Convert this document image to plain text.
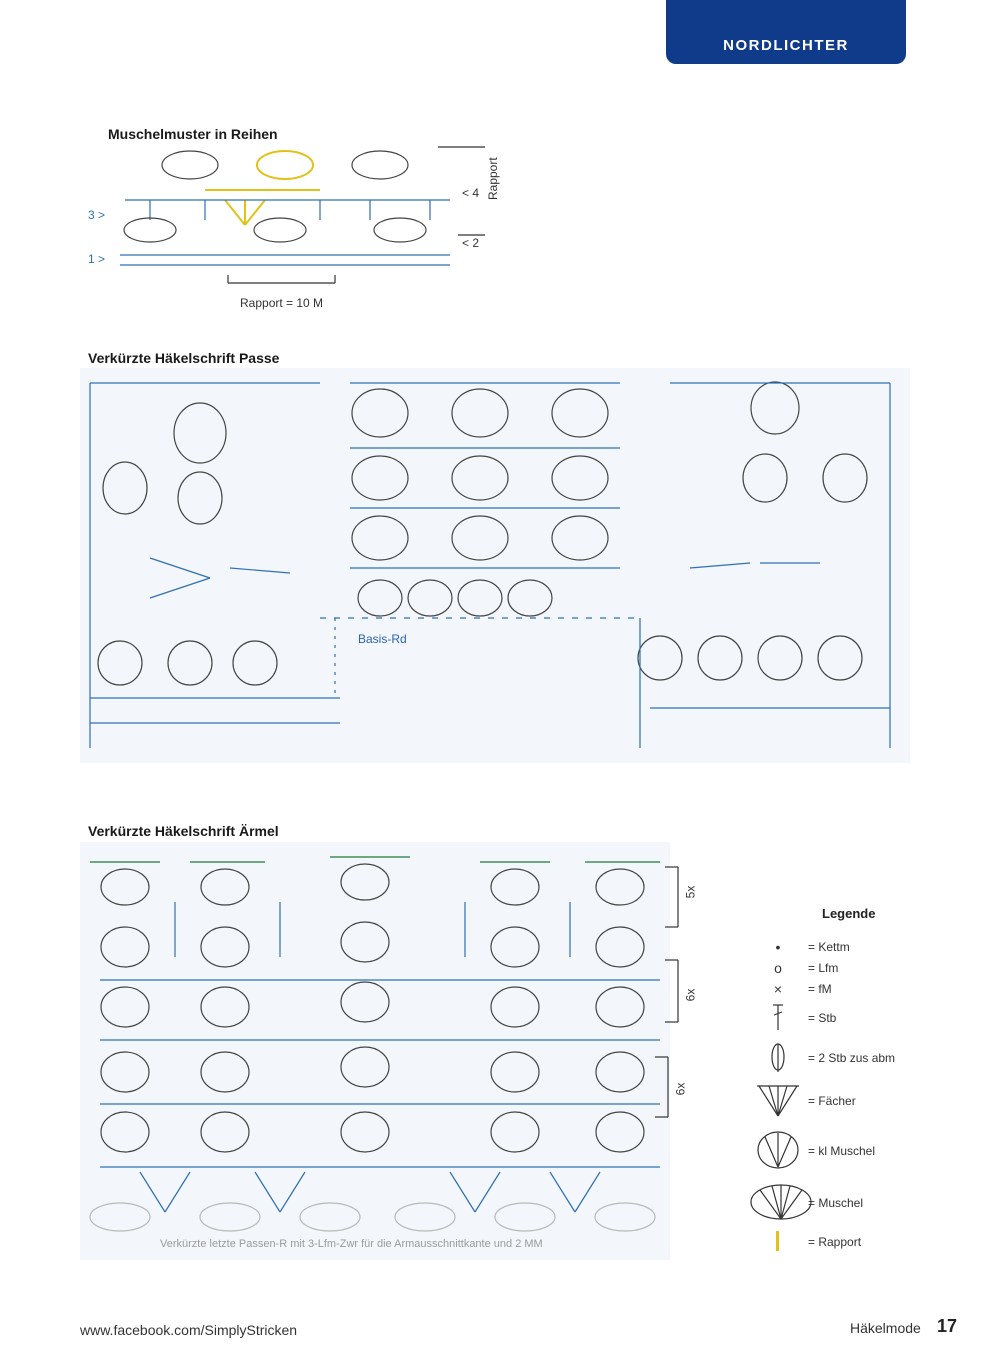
NORDLICHTER
Muschelmuster in Reihen
3 >
1 >
< 4
< 2
Rapport
Rapport = 10 M
Verkürzte Häkelschrift Passe
Basis-Rd
Verkürzte Häkelschrift Ärmel
5x
6x
6x
Verkürzte letzte Passen-R mit 3-Lfm-Zwr für die Armausschnittkante und 2 MM
Legende
•	= Kettm
o	= Lfm
×	= fM
= Stb
= 2 Stb zus abm
= Fächer
= kl Muschel
= Muschel
= Rapport
www.facebook.com/SimplyStricken	Häkelmode 17
